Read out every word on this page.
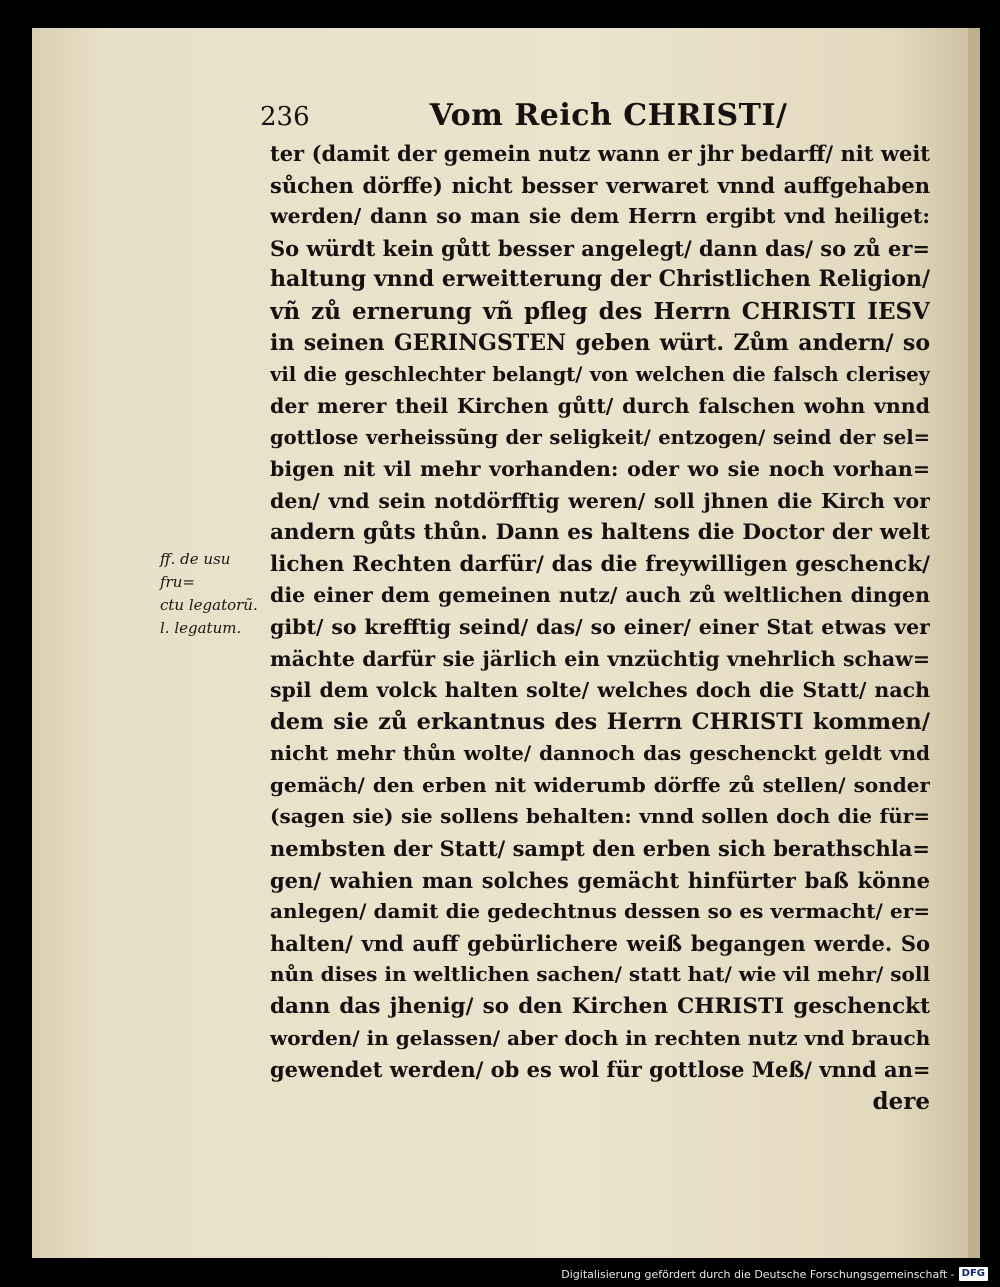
236	Vom Reich CHRISTI/
ff. de usu fru=
ctu legatorũ.
l. legatum.
ter (damit der gemein nutz wann er jhr bedarff/ nit weit
sůchen dörffe) nicht besser verwaret vnnd auffgehaben
werden/ dann so man sie dem Herrn ergibt vnd heiliget:
So würdt kein gůtt besser angelegt/ dann das/ so zů er=
haltung vnnd erweitterung der Christlichen Religion/
vñ zů ernerung vñ pfleg des Herrn CHRISTI IESV
in seinen GERINGSTEN geben würt. Zům andern/ so
vil die geschlechter belangt/ von welchen die falsch clerisey
der merer theil Kirchen gůtt/ durch falschen wohn vnnd
gottlose verheissũng der seligkeit/ entzogen/ seind der sel=
bigen nit vil mehr vorhanden: oder wo sie noch vorhan=
den/ vnd sein notdörfftig weren/ soll jhnen die Kirch vor
andern gůts thůn. Dann es haltens die Doctor der welt
lichen Rechten darfür/ das die freywilligen geschenck/
die einer dem gemeinen nutz/ auch zů weltlichen dingen
gibt/ so krefftig seind/ das/ so einer/ einer Stat etwas ver
mächte darfür sie järlich ein vnzüchtig vnehrlich schaw=
spil dem volck halten solte/ welches doch die Statt/ nach
dem sie zů erkantnus des Herrn CHRISTI kommen/
nicht mehr thůn wolte/ dannoch das geschenckt geldt vnd
gemäch/ den erben nit widerumb dörffe zů stellen/ sonder
(sagen sie) sie sollens behalten: vnnd sollen doch die für=
nembsten der Statt/ sampt den erben sich berathschla=
gen/ wahien man solches gemächt hinfürter baß könne
anlegen/ damit die gedechtnus dessen so es vermacht/ er=
halten/ vnd auff gebürlichere weiß begangen werde. So
nůn dises in weltlichen sachen/ statt hat/ wie vil mehr/ soll
dann das jhenig/ so den Kirchen CHRISTI geschenckt
worden/ in gelassen/ aber doch in rechten nutz vnd brauch
gewendet werden/ ob es wol für gottlose Meß/ vnnd an=
dere
Digitalisierung gefördert durch die Deutsche Forschungsgemeinschaft - DFG
